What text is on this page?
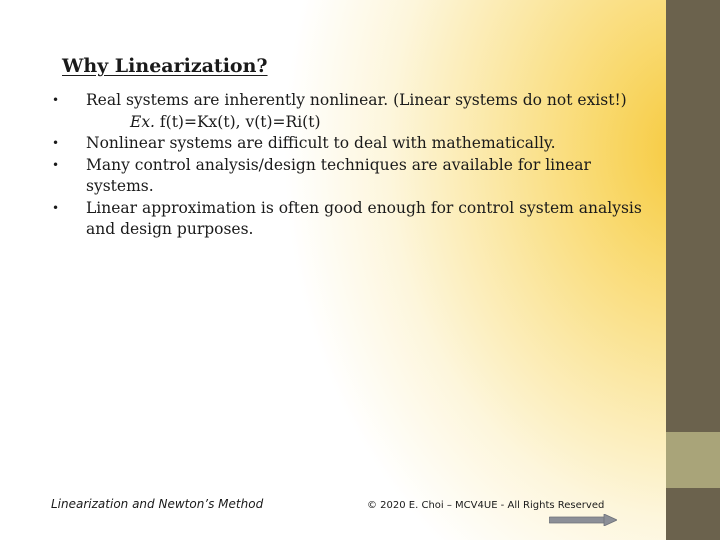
Why Linearization?
•	Real systems are inherently nonlinear. (Linear systems do not exist!)
Ex. f(t)=Kx(t), v(t)=Ri(t)
•	Nonlinear systems are difficult to deal with mathematically.
•	Many control analysis/design techniques are available for linear systems.
•	Linear approximation is often good enough for control system analysis and design purposes.
Linearization and Newton’s Method	© 2020 E. Choi – MCV4UE - All Rights Reserved
